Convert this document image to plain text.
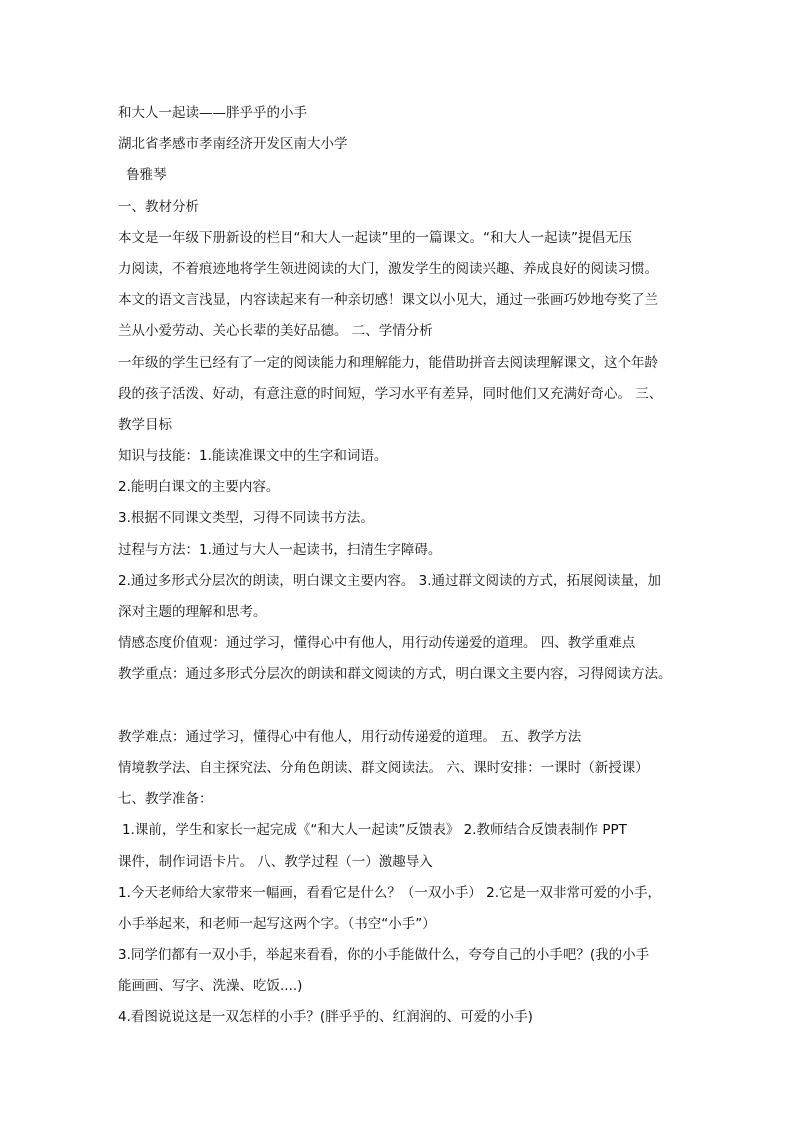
和大人一起读——胖乎乎的小手
湖北省孝感市孝南经济开发区南大小学
鲁雅琴
一、教材分析
本文是一年级下册新设的栏目“和大人一起读”里的一篇课文。“和大人一起读”提倡无压
力阅读，不着痕迹地将学生领进阅读的大门，激发学生的阅读兴趣、养成良好的阅读习惯。
本文的语文言浅显，内容读起来有一种亲切感！课文以小见大，通过一张画巧妙地夸奖了兰
兰从小爱劳动、关心长辈的美好品德。 二、学情分析
一年级的学生已经有了一定的阅读能力和理解能力，能借助拼音去阅读理解课文，这个年龄
段的孩子活泼、好动，有意注意的时间短，学习水平有差异，同时他们又充满好奇心。 三、
教学目标
知识与技能：1.能读准课文中的生字和词语。
2.能明白课文的主要内容。
3.根据不同课文类型，习得不同读书方法。
过程与方法：1.通过与大人一起读书，扫清生字障碍。
2.通过多形式分层次的朗读，明白课文主要内容。 3.通过群文阅读的方式，拓展阅读量，加
深对主题的理解和思考。
情感态度价值观：通过学习，懂得心中有他人，用行动传递爱的道理。 四、教学重难点
教学重点：通过多形式分层次的朗读和群文阅读的方式，明白课文主要内容，习得阅读方法。
教学难点：通过学习，懂得心中有他人，用行动传递爱的道理。 五、教学方法
情境教学法、自主探究法、分角色朗读、群文阅读法。 六、课时安排：一课时（新授课）
七、教学准备：
1.课前，学生和家长一起完成《“和大人一起读”反馈表》 2.教师结合反馈表制作 PPT
课件，制作词语卡片。 八、教学过程（一）激趣导入
1.今天老师给大家带来一幅画，看看它是什么？（一双小手） 2.它是一双非常可爱的小手，
小手举起来，和老师一起写这两个字。（书空“小手”）
3.同学们都有一双小手，举起来看看，你的小手能做什么，夸夸自己的小手吧？(我的小手
能画画、写字、洗澡、吃饭....)
4.看图说说这是一双怎样的小手？(胖乎乎的、红润润的、可爱的小手)
